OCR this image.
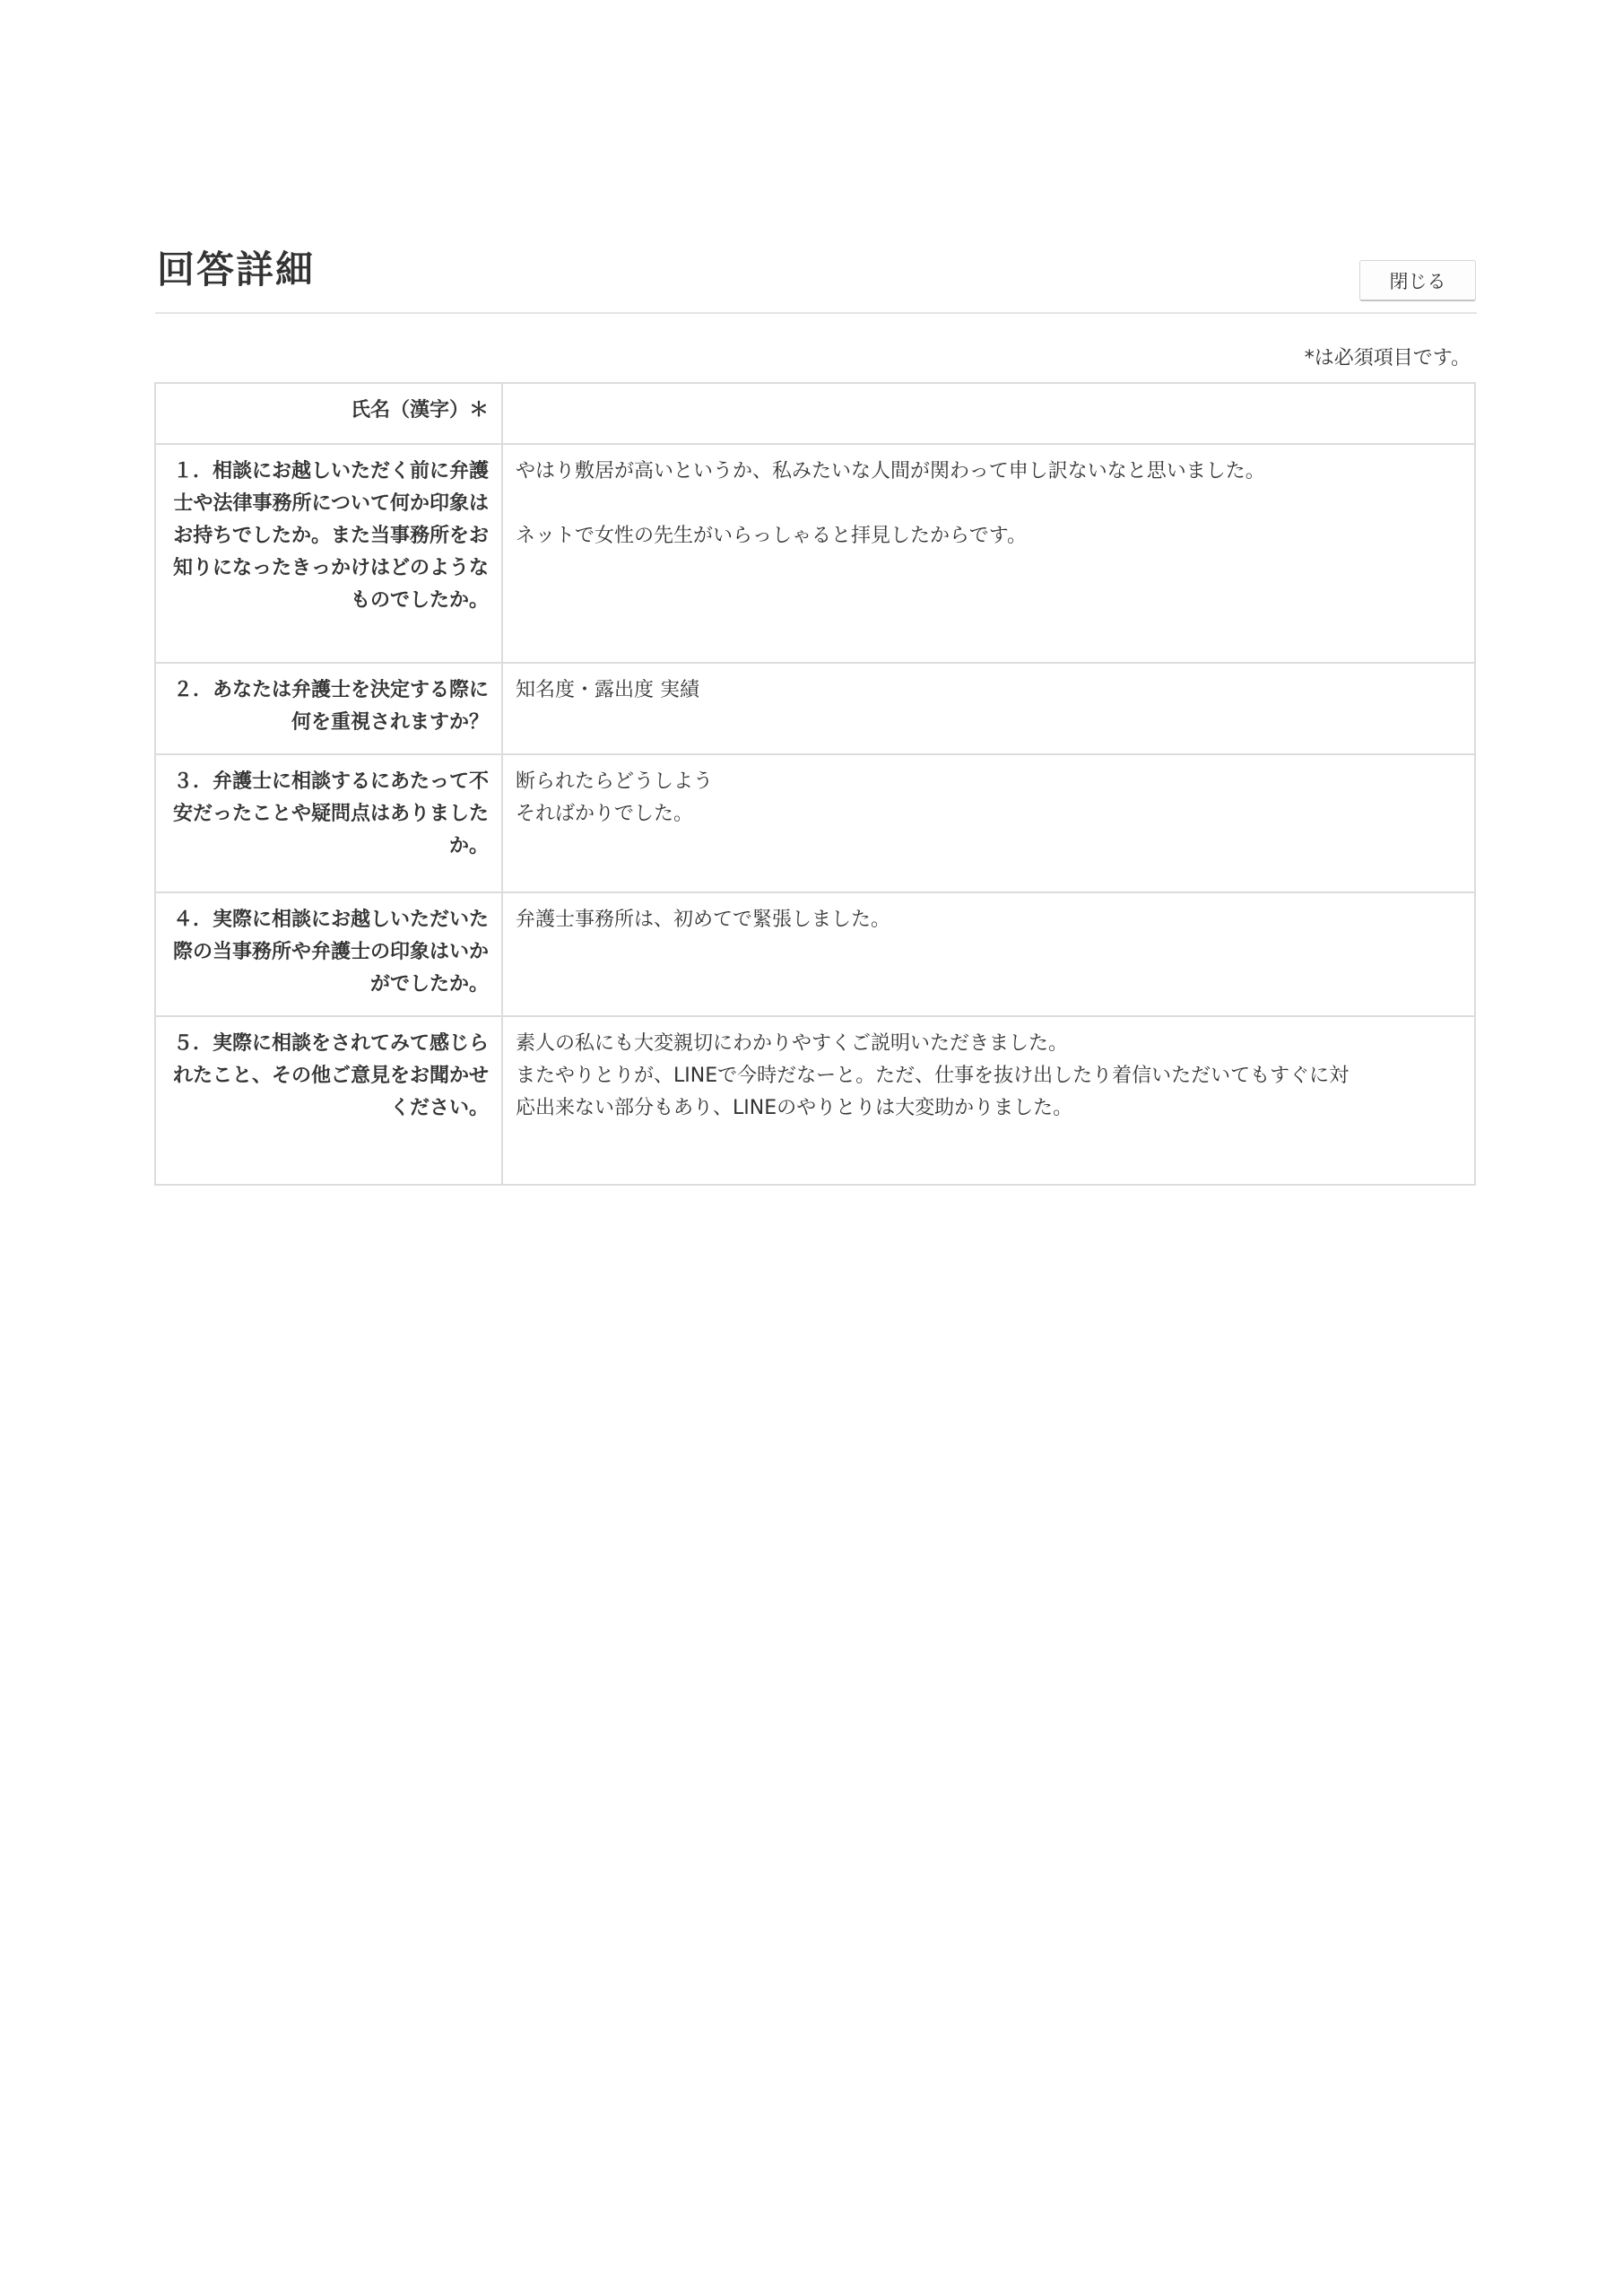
回答詳細	閉じる
*は必須項目です。
氏名（漢字）＊	
１．相談にお越しいただく前に弁護士や法律事務所について何か印象はお持ちでしたか。また当事務所をお知りになったきっかけはどのようなものでしたか。	やはり敷居が高いというか、私みたいな人間が関わって申し訳ないなと思いました。
ネットで女性の先生がいらっしゃると拝見したからです。

２．あなたは弁護士を決定する際に何を重視されますか？	知名度・露出度 実績

３．弁護士に相談するにあたって不安だったことや疑問点はありましたか。	断られたらどうしよう
そればかりでした。

４．実際に相談にお越しいただいた際の当事務所や弁護士の印象はいかがでしたか。	弁護士事務所は、初めてで緊張しました。

５．実際に相談をされてみて感じられたこと、その他ご意見をお聞かせください。	素人の私にも大変親切にわかりやすくご説明いただきました。
またやりとりが、LINEで今時だなーと。ただ、仕事を抜け出したり着信いただいてもすぐに対
応出来ない部分もあり、LINEのやりとりは大変助かりました。
